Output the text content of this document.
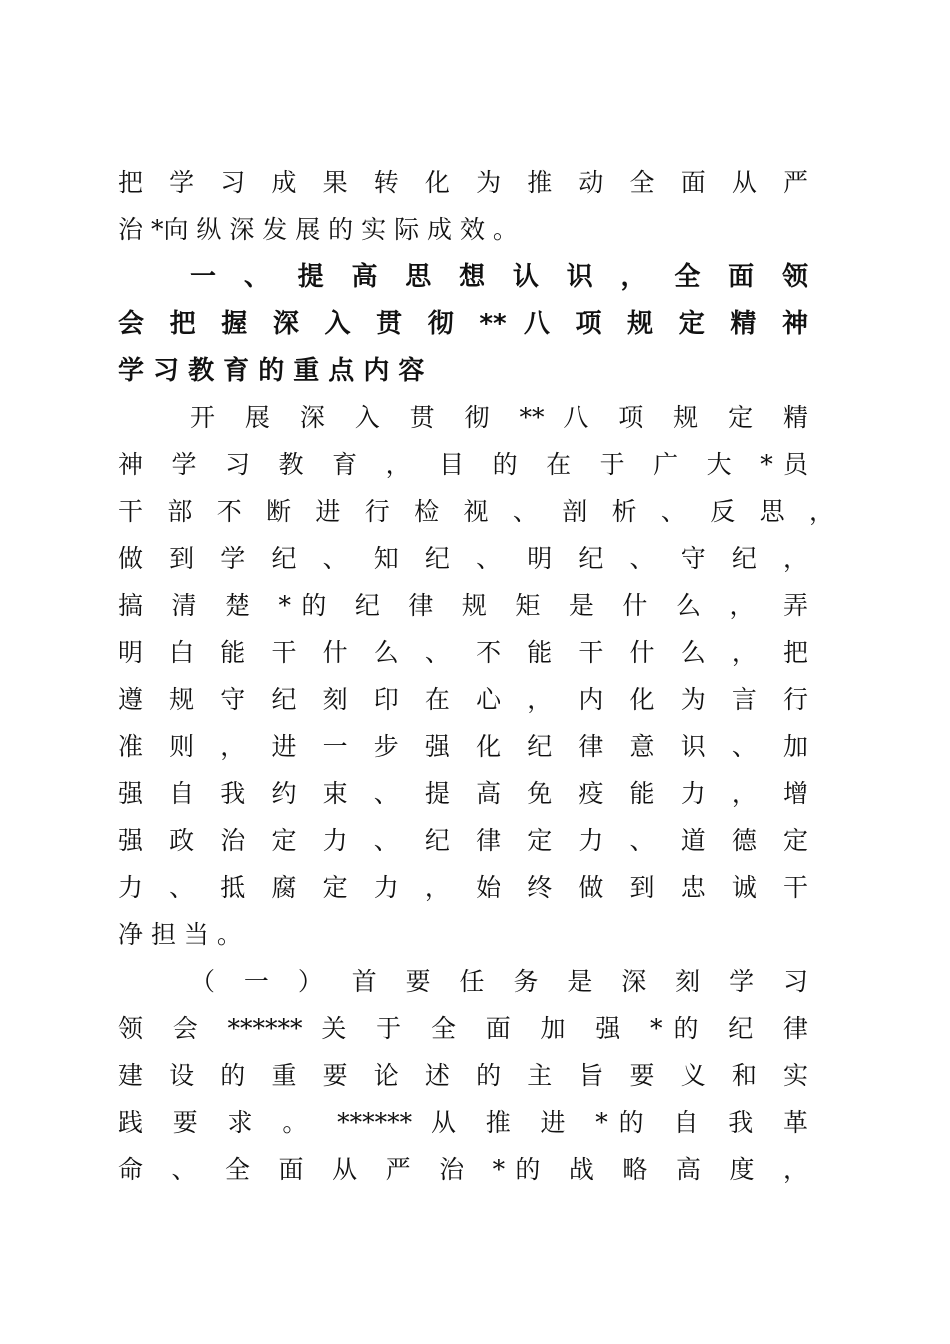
把 学 习 成 果 转 化 为 推 动 全 面 从 严
治 *向 纵 深 发 展 的 实 际 成 效 。
一 、 提 高 思 想 认 识 ， 全 面 领
会 把 握 深 入 贯 彻 ** 八 项 规 定 精 神
学 习 教 育 的 重 点 内 容
开 展 深 入 贯 彻 ** 八 项 规 定 精
神 学 习 教 育 ， 目 的 在 于 广 大 *员
干 部 不 断 进 行 检 视 、 剖 析 、 反 思 ，
做 到 学 纪 、 知 纪 、 明 纪 、 守 纪 ，
搞 清 楚 *的 纪 律 规 矩 是 什 么 ， 弄
明 白 能 干 什 么 、 不 能 干 什 么 ， 把
遵 规 守 纪 刻 印 在 心 ， 内 化 为 言 行
准 则 ， 进 一 步 强 化 纪 律 意 识 、 加
强 自 我 约 束 、 提 高 免 疫 能 力 ， 增
强 政 治 定 力 、 纪 律 定 力 、 道 德 定
力 、 抵 腐 定 力 ， 始 终 做 到 忠 诚 干
净 担 当 。
（ 一 ） 首 要 任 务 是 深 刻 学 习
领 会 ****** 关 于 全 面 加 强 *的 纪 律
建 设 的 重 要 论 述 的 主 旨 要 义 和 实
践 要 求 。 ****** 从 推 进 *的 自 我 革
命 、 全 面 从 严 治 *的 战 略 高 度 ，
